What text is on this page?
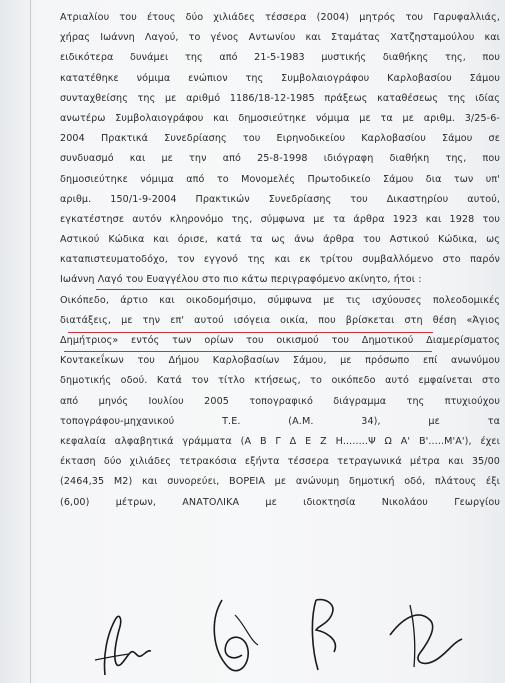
Ατριαλίου του έτους δύο χιλιάδες τέσσερα (2004) μητρός του Γαρυφαλλιάς,
χήρας Ιωάννη Λαγού, το γένος Αντωνίου και Σταμάτας Χατζησταμούλου και
ειδικότερα δυνάμει της από 21-5-1983 μυστικής διαθήκης της, που
κατατέθηκε νόμιμα ενώπιον της Συμβολαιογράφου Καρλοβασίου Σάμου
συνταχθείσης της με αριθμό 1186/18-12-1985 πράξεως καταθέσεως της ιδίας
ανωτέρω Συμβολαιογράφου και δημοσιεύτηκε νόμιμα με τα με αριθμ. 3/25-6-
2004 Πρακτικά Συνεδρίασης του Ειρηνοδικείου Καρλοβασίου Σάμου σε
συνδυασμό και με την από 25-8-1998 ιδιόγραφη διαθήκη της, που
δημοσιεύτηκε νόμιμα από το Μονομελές Πρωτοδικείο Σάμου δια των υπ'
αριθμ. 150/1-9-2004 Πρακτικών Συνεδρίασης του Δικαστηρίου αυτού,
εγκατέστησε αυτόν κληρονόμο της, σύμφωνα με τα άρθρα 1923 και 1928 του
Αστικού Κώδικα και όρισε, κατά τα ως άνω άρθρα του Αστικού Κώδικα, ως
καταπιστευματοδόχο, τον εγγονό της και εκ τρίτου συμβαλλόμενο στο παρόν
Ιωάννη Λαγό του Ευαγγέλου στο πιο κάτω περιγραφόμενο ακίνητο, ήτοι :
Οικόπεδο, άρτιο και οικοδομήσιμο, σύμφωνα με τις ισχύουσες πολεοδομικές
διατάξεις, με την επ' αυτού ισόγεια οικία, που βρίσκεται στη θέση «Άγιος
Δημήτριος» εντός των ορίων του οικισμού του Δημοτικού Διαμερίσματος
Κοντακεΐκων του Δήμου Καρλοβασίων Σάμου, με πρόσωπο επί ανωνύμου
δημοτικής οδού. Κατά τον τίτλο κτήσεως, το οικόπεδο αυτό εμφαίνεται στο
από μηνός Ιουλίου 2005 τοπογραφικό διάγραμμα της πτυχιούχου
τοπογράφου-μηχανικού Τ.Ε. (Α.Μ. 34), με τα
κεφαλαία αλφαβητικά γράμματα (Α Β Γ Δ Ε Ζ Η........Ψ Ω Α' Β'.....Μ'Α'), έχει
έκταση δύο χιλιάδες τετρακόσια εξήντα τέσσερα τετραγωνικά μέτρα και 35/00
(2464,35 Μ2) και συνορεύει, ΒΟΡΕΙΑ με ανώνυμη δημοτική οδό, πλάτους έξι
(6,00) μέτρων, ΑΝΑΤΟΛΙΚΑ με ιδιοκτησία Νικολάου Γεωργίου
